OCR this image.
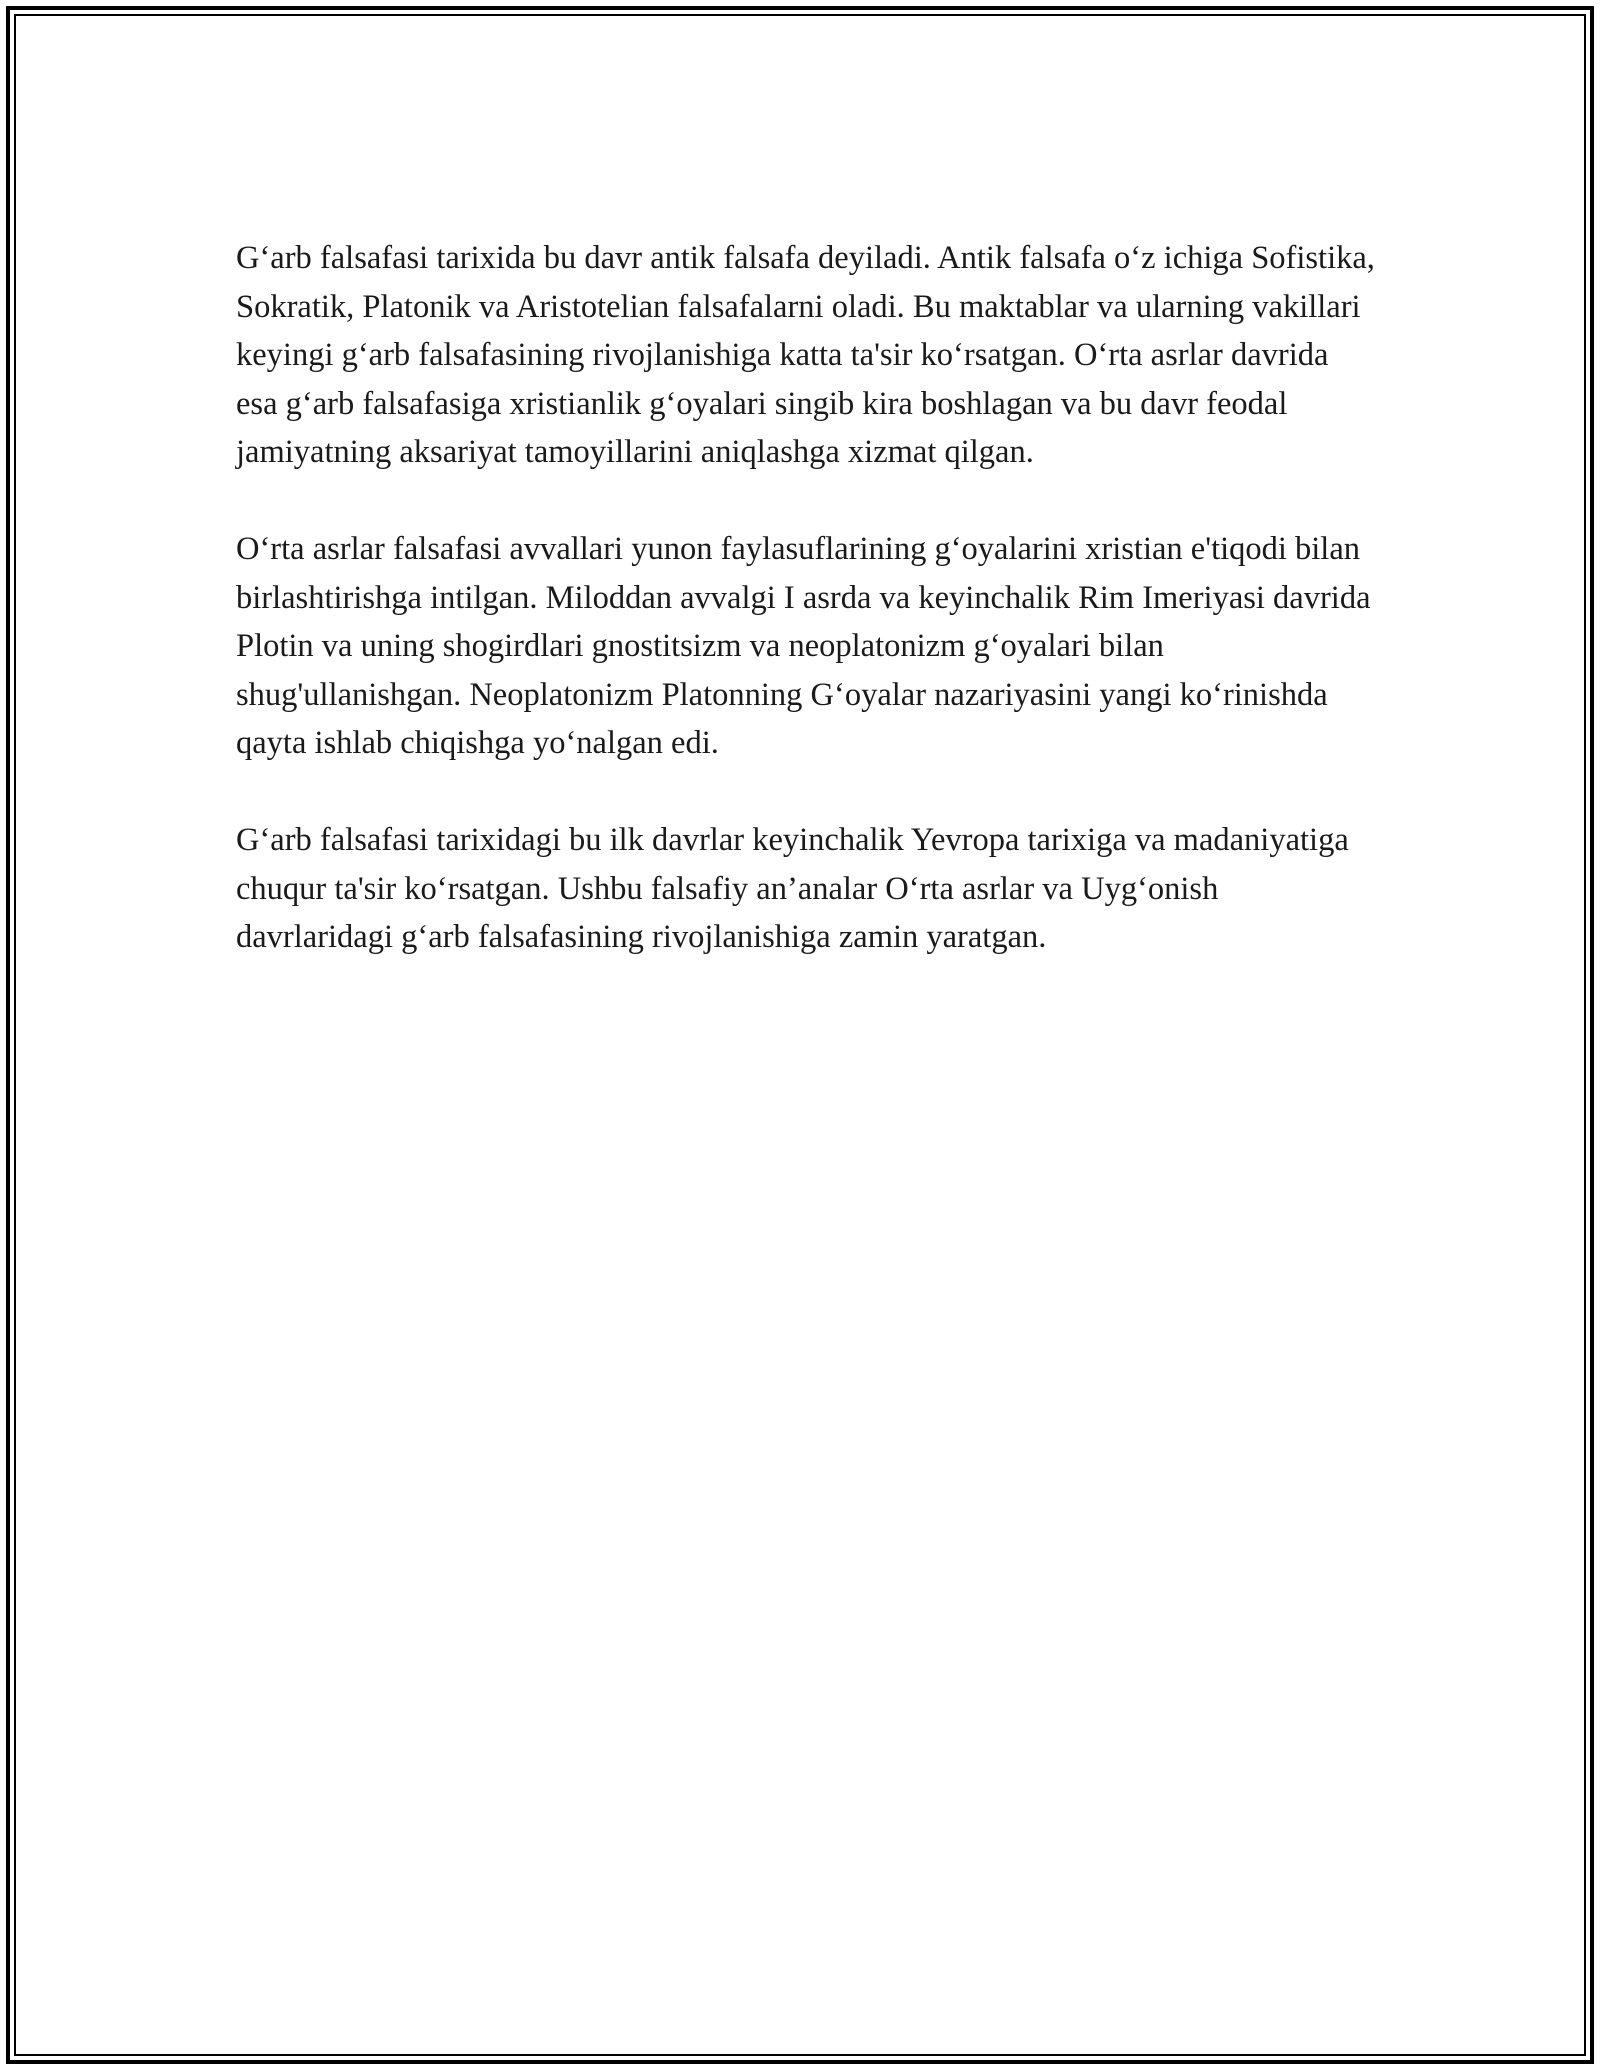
G‘arb falsafasi tarixida bu davr antik falsafa deyiladi. Antik falsafa o‘z ichiga Sofistika, Sokratik, Platonik va Aristotelian falsafalarni oladi. Bu maktablar va ularning vakillari keyingi g‘arb falsafasining rivojlanishiga katta ta'sir ko‘rsatgan. O‘rta asrlar davrida esa g‘arb falsafasiga xristianlik g‘oyalari singib kira boshlagan va bu davr feodal jamiyatning aksariyat tamoyillarini aniqlashga xizmat qilgan.

O‘rta asrlar falsafasi avvallari yunon faylasuflarining g‘oyalarini xristian e'tiqodi bilan birlashtirishga intilgan. Miloddan avvalgi I asrda va keyinchalik Rim Imeriyasi davrida Plotin va uning shogirdlari gnostitsizm va neoplatonizm g‘oyalari bilan shug'ullanishgan. Neoplatonizm Platonning G‘oyalar nazariyasini yangi ko‘rinishda qayta ishlab chiqishga yo‘nalgan edi.

G‘arb falsafasi tarixidagi bu ilk davrlar keyinchalik Yevropa tarixiga va madaniyatiga chuqur ta'sir ko‘rsatgan. Ushbu falsafiy an’analar O‘rta asrlar va Uyg‘onish davrlaridagi g‘arb falsafasining rivojlanishiga zamin yaratgan.
